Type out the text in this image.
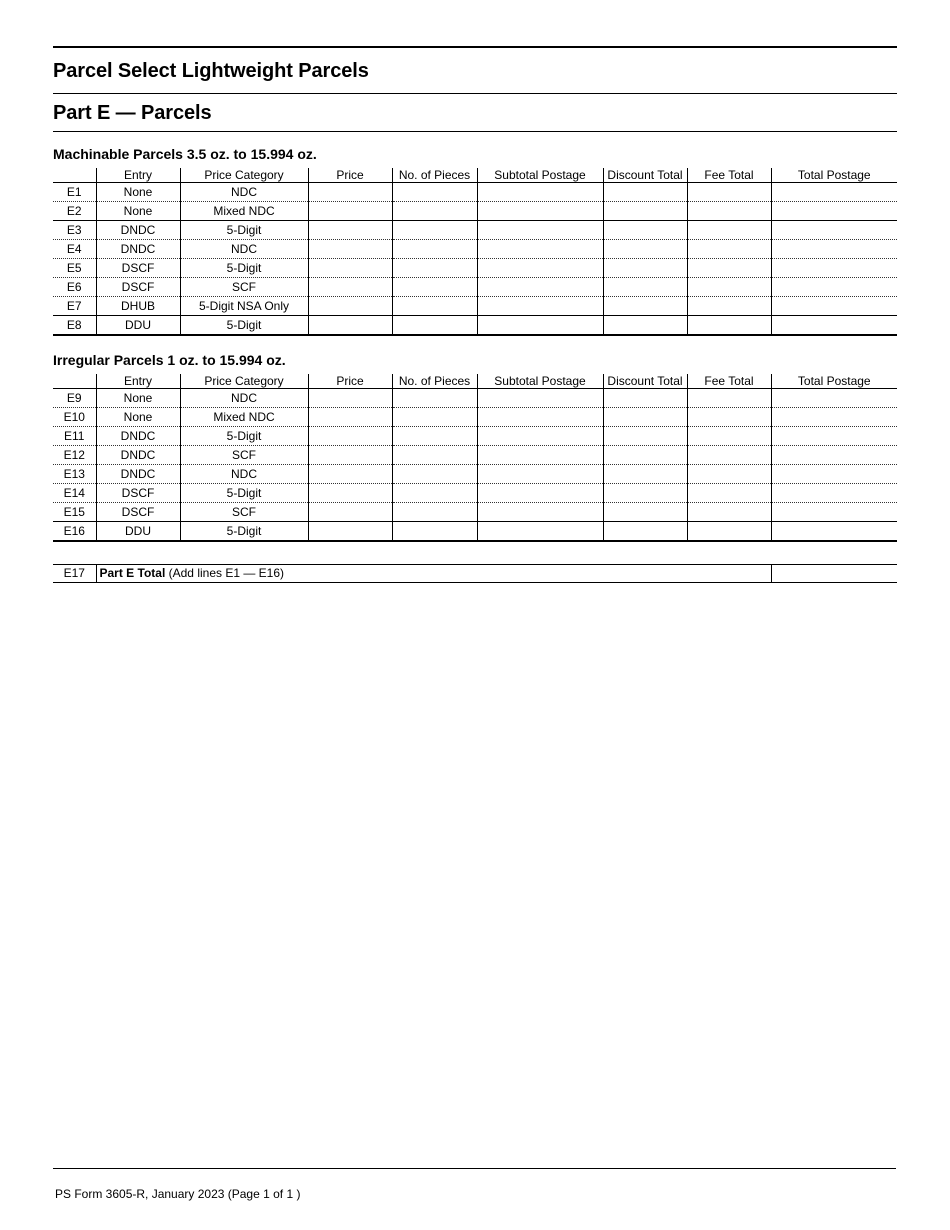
Parcel Select Lightweight Parcels
Part E — Parcels
Machinable Parcels 3.5 oz. to 15.994 oz.
	Entry	Price Category	Price	No. of Pieces	Subtotal Postage	Discount Total	Fee Total	Total Postage
E1	None	NDC						
E2	None	Mixed NDC						
E3	DNDC	5-Digit						
E4	DNDC	NDC						
E5	DSCF	5-Digit						
E6	DSCF	SCF						
E7	DHUB	5-Digit NSA Only						
E8	DDU	5-Digit						
Irregular Parcels 1 oz. to 15.994 oz.
	Entry	Price Category	Price	No. of Pieces	Subtotal Postage	Discount Total	Fee Total	Total Postage
E9	None	NDC						
E10	None	Mixed NDC						
E11	DNDC	5-Digit						
E12	DNDC	SCF						
E13	DNDC	NDC						
E14	DSCF	5-Digit						
E15	DSCF	SCF						
E16	DDU	5-Digit						
E17	Part E Total (Add lines E1 — E16)	
PS Form 3605-R, January 2023 (Page 1 of 1 )
